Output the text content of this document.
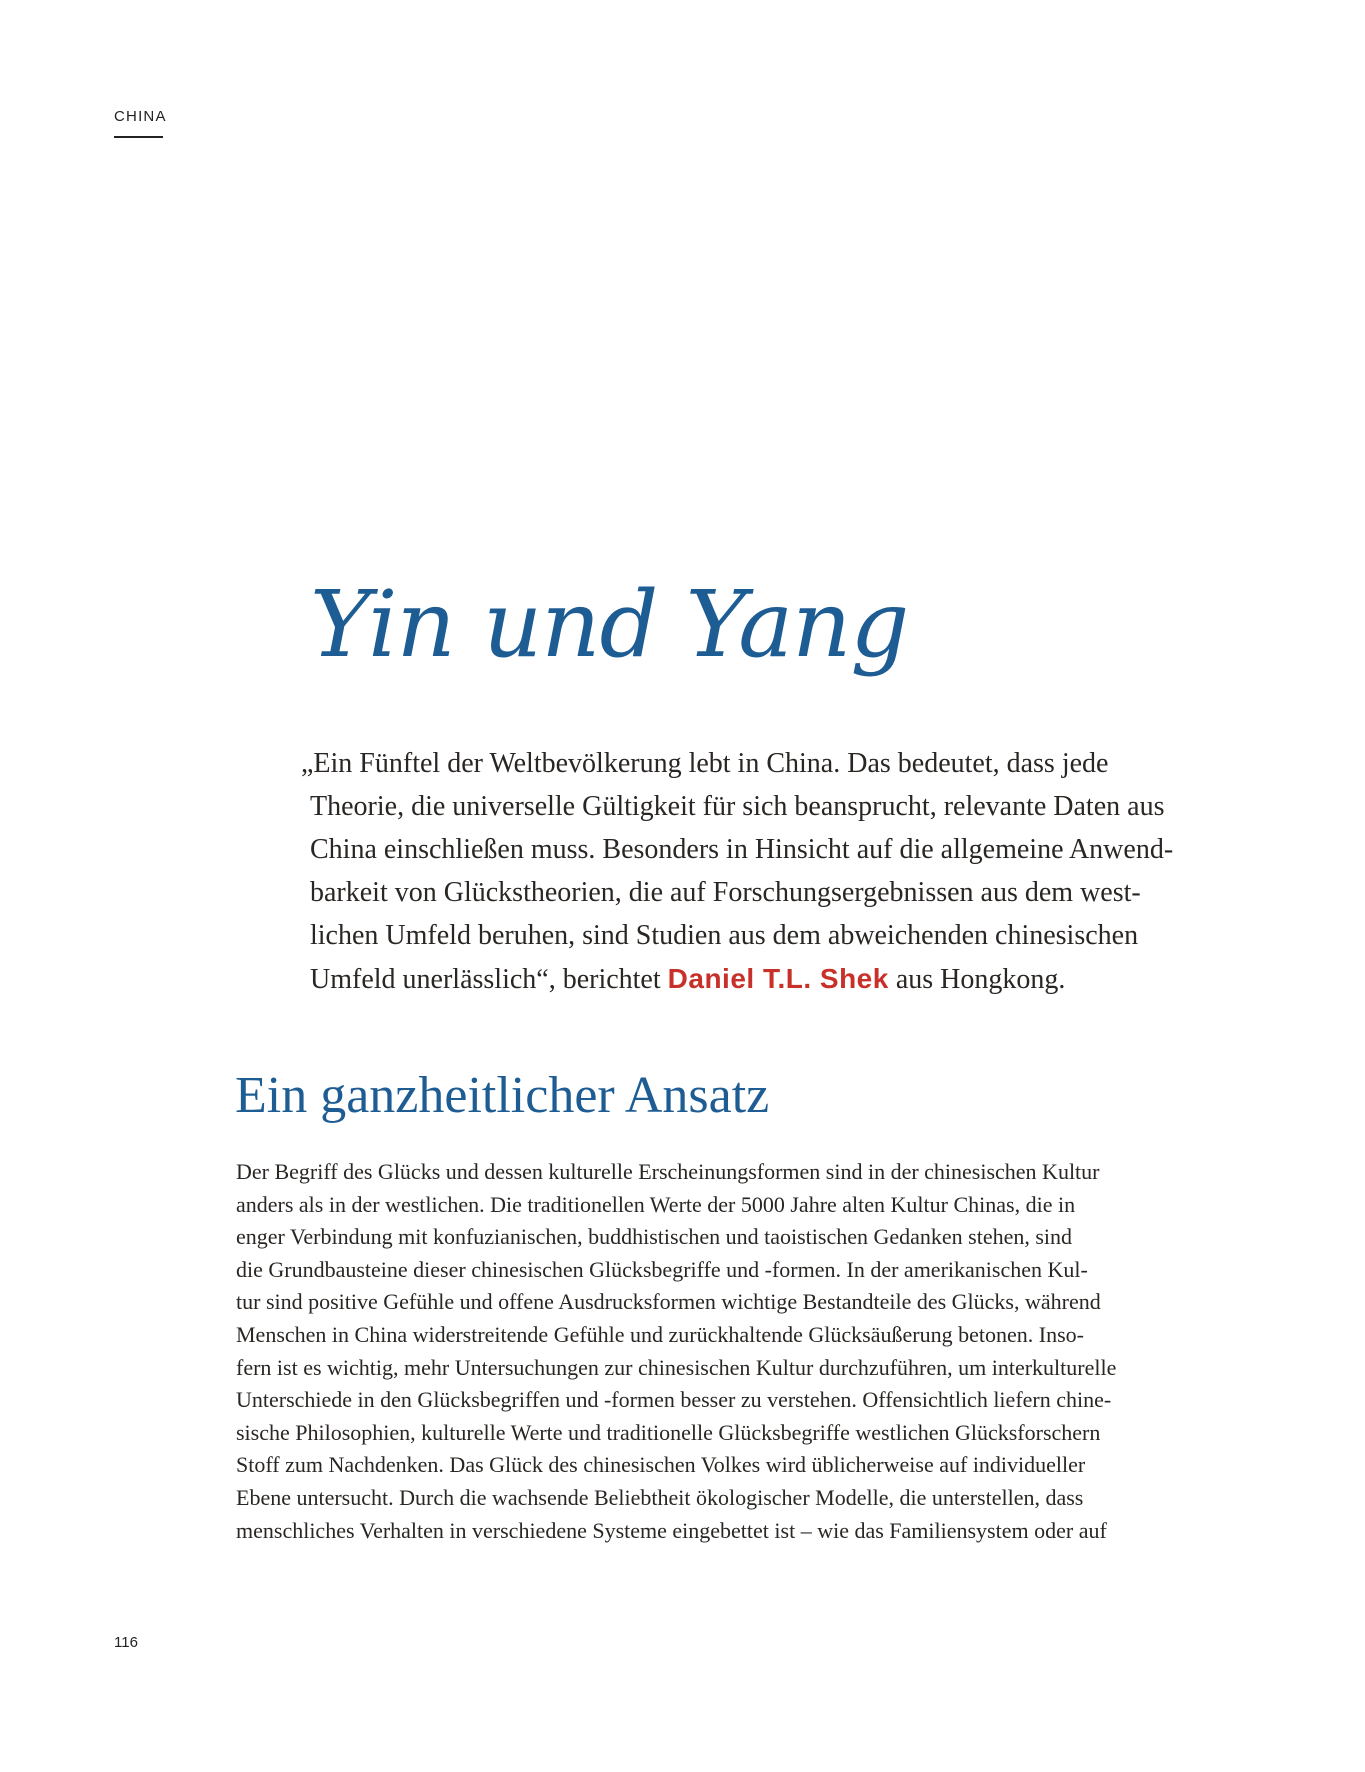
CHINA
Yin und Yang

„Ein Fünftel der Weltbevölkerung lebt in China. Das bedeutet, dass jede
Theorie, die universelle Gültigkeit für sich beansprucht, relevante Daten aus
China einschließen muss. Besonders in Hinsicht auf die allgemeine Anwend-
barkeit von Glückstheorien, die auf Forschungsergebnissen aus dem west-
lichen Umfeld beruhen, sind Studien aus dem abweichenden chinesischen
Umfeld unerlässlich“, berichtet Daniel T.L. Shek aus Hongkong.

Ein ganzheitlicher Ansatz

Der Begriff des Glücks und dessen kulturelle Erscheinungsformen sind in der chinesischen Kultur
anders als in der westlichen. Die traditionellen Werte der 5000 Jahre alten Kultur Chinas, die in
enger Verbindung mit konfuzianischen, buddhistischen und taoistischen Gedanken stehen, sind
die Grundbausteine dieser chinesischen Glücksbegriffe und -formen. In der amerikanischen Kul-
tur sind positive Gefühle und offene Ausdrucksformen wichtige Bestandteile des Glücks, während
Menschen in China widerstreitende Gefühle und zurückhaltende Glücksäußerung betonen. Inso-
fern ist es wichtig, mehr Untersuchungen zur chinesischen Kultur durchzuführen, um interkulturelle
Unterschiede in den Glücksbegriffen und -formen besser zu verstehen. Offensichtlich liefern chine-
sische Philosophien, kulturelle Werte und traditionelle Glücksbegriffe westlichen Glücksforschern
Stoff zum Nachdenken. Das Glück des chinesischen Volkes wird üblicherweise auf individueller
Ebene untersucht. Durch die wachsende Beliebtheit ökologischer Modelle, die unterstellen, dass
menschliches Verhalten in verschiedene Systeme eingebettet ist – wie das Familiensystem oder auf

116
